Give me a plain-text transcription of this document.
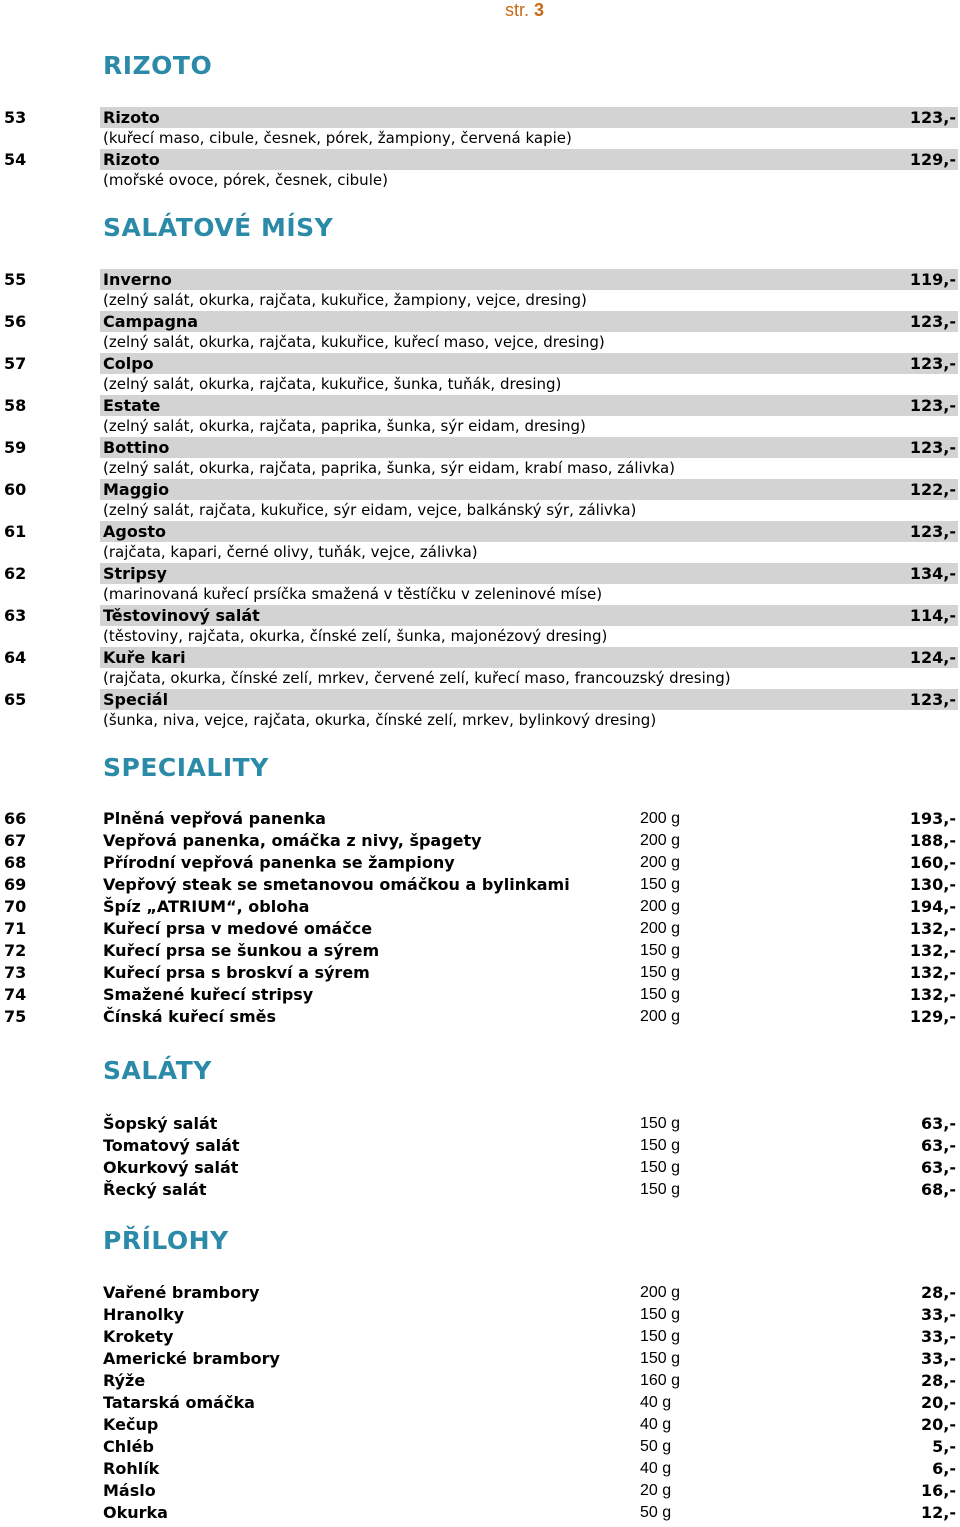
str. 3
RIZOTO
53	Rizoto	123,-
(kuřecí maso, cibule, česnek, pórek, žampiony, červená kapie)
54	Rizoto	129,-
(mořské ovoce, pórek, česnek, cibule)
SALÁTOVÉ MÍSY
55	Inverno	119,-
(zelný salát, okurka, rajčata, kukuřice, žampiony, vejce, dresing)
56	Campagna	123,-
(zelný salát, okurka, rajčata, kukuřice, kuřecí maso, vejce, dresing)
57	Colpo	123,-
(zelný salát, okurka, rajčata, kukuřice, šunka, tuňák, dresing)
58	Estate	123,-
(zelný salát, okurka, rajčata, paprika, šunka, sýr eidam, dresing)
59	Bottino	123,-
(zelný salát, okurka, rajčata, paprika, šunka, sýr eidam, krabí maso, zálivka)
60	Maggio	122,-
(zelný salát, rajčata, kukuřice, sýr eidam, vejce, balkánský sýr, zálivka)
61	Agosto	123,-
(rajčata, kapari, černé olivy, tuňák, vejce, zálivka)
62	Stripsy	134,-
(marinovaná kuřecí prsíčka smažená v těstíčku v zeleninové míse)
63	Těstovinový salát	114,-
(těstoviny, rajčata, okurka, čínské zelí, šunka, majonézový dresing)
64	Kuře kari	124,-
(rajčata, okurka, čínské zelí, mrkev, červené zelí, kuřecí maso, francouzský dresing)
65	Speciál	123,-
(šunka, niva, vejce, rajčata, okurka, čínské zelí, mrkev, bylinkový dresing)
SPECIALITY
66	Plněná vepřová panenka	200 g	193,-
67	Vepřová panenka, omáčka z nivy, špagety	200 g	188,-
68	Přírodní vepřová panenka se žampiony	200 g	160,-
69	Vepřový steak se smetanovou omáčkou a bylinkami	150 g	130,-
70	Špíz „ATRIUM“, obloha	200 g	194,-
71	Kuřecí prsa v medové omáčce	200 g	132,-
72	Kuřecí prsa se šunkou a sýrem	150 g	132,-
73	Kuřecí prsa s broskví a sýrem	150 g	132,-
74	Smažené kuřecí stripsy	150 g	132,-
75	Čínská kuřecí směs	200 g	129,-
SALÁTY
Šopský salát	150 g	63,-
Tomatový salát	150 g	63,-
Okurkový salát	150 g	63,-
Řecký salát	150 g	68,-
PŘÍLOHY
Vařené brambory	200 g	28,-
Hranolky	150 g	33,-
Krokety	150 g	33,-
Americké brambory	150 g	33,-
Rýže	160 g	28,-
Tatarská omáčka	40 g	20,-
Kečup	40 g	20,-
Chléb	50 g	5,-
Rohlík	40 g	6,-
Máslo	20 g	16,-
Okurka	50 g	12,-
